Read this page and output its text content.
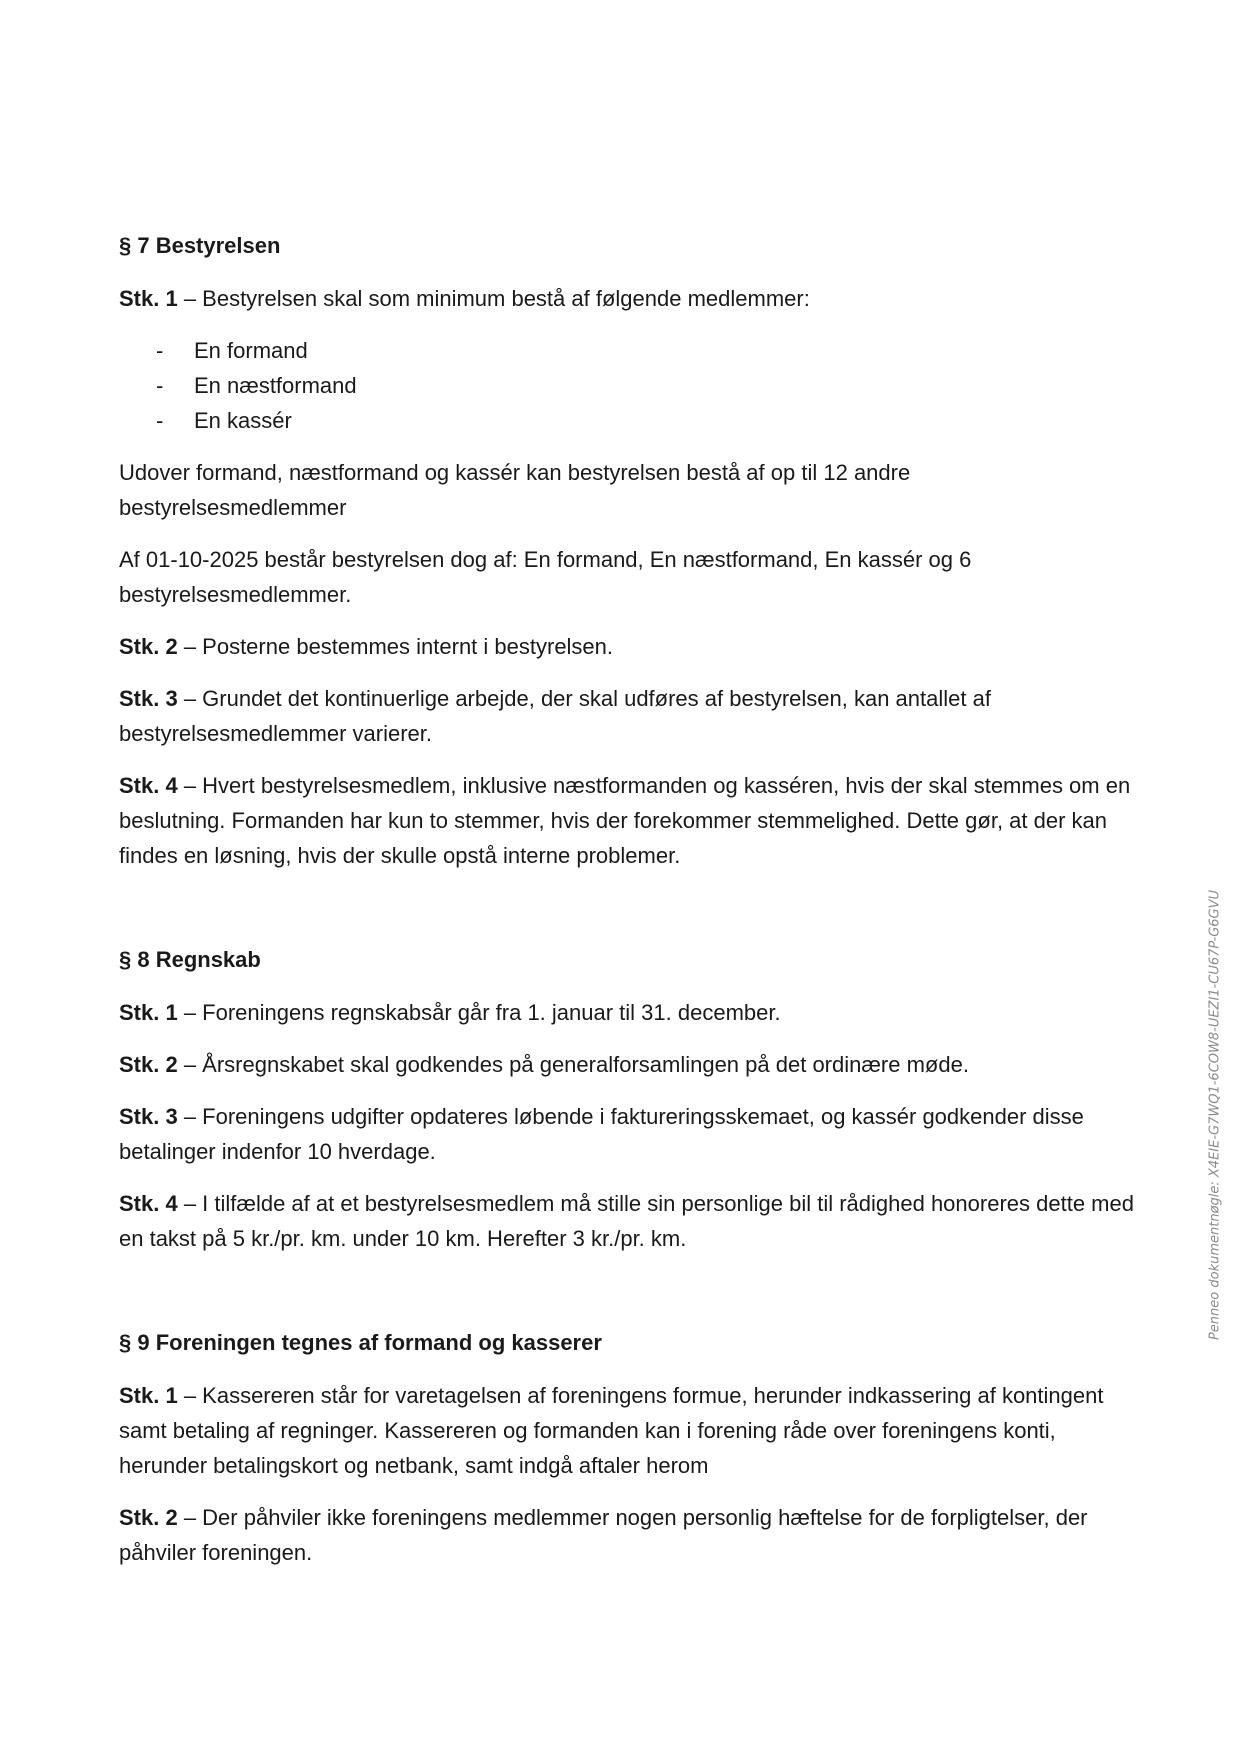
§ 7 Bestyrelsen

Stk. 1 – Bestyrelsen skal som minimum bestå af følgende medlemmer:

- En formand
- En næstformand
- En kassér

Udover formand, næstformand og kassér kan bestyrelsen bestå af op til 12 andre bestyrelsesmedlemmer

Af 01-10-2025 består bestyrelsen dog af: En formand, En næstformand, En kassér og 6 bestyrelsesmedlemmer.

Stk. 2 – Posterne bestemmes internt i bestyrelsen.

Stk. 3 – Grundet det kontinuerlige arbejde, der skal udføres af bestyrelsen, kan antallet af bestyrelsesmedlemmer varierer.

Stk. 4 – Hvert bestyrelsesmedlem, inklusive næstformanden og kasséren, hvis der skal stemmes om en beslutning. Formanden har kun to stemmer, hvis der forekommer stemmelighed. Dette gør, at der kan findes en løsning, hvis der skulle opstå interne problemer.

§ 8 Regnskab

Stk. 1 – Foreningens regnskabsår går fra 1. januar til 31. december.

Stk. 2 – Årsregnskabet skal godkendes på generalforsamlingen på det ordinære møde.

Stk. 3 – Foreningens udgifter opdateres løbende i faktureringsskemaet, og kassér godkender disse betalinger indenfor 10 hverdage.

Stk. 4 – I tilfælde af at et bestyrelsesmedlem må stille sin personlige bil til rådighed honoreres dette med en takst på 5 kr./pr. km. under 10 km. Herefter 3 kr./pr. km.

§ 9 Foreningen tegnes af formand og kasserer

Stk. 1 – Kassereren står for varetagelsen af foreningens formue, herunder indkassering af kontingent samt betaling af regninger. Kassereren og formanden kan i forening råde over foreningens konti, herunder betalingskort og netbank, samt indgå aftaler herom

Stk. 2 – Der påhviler ikke foreningens medlemmer nogen personlig hæftelse for de forpligtelser, der påhviler foreningen.

Penneo dokumentnøgle: X4EIE-G7WQ1-6COW8-UEZI1-CU67P-G6GVU
